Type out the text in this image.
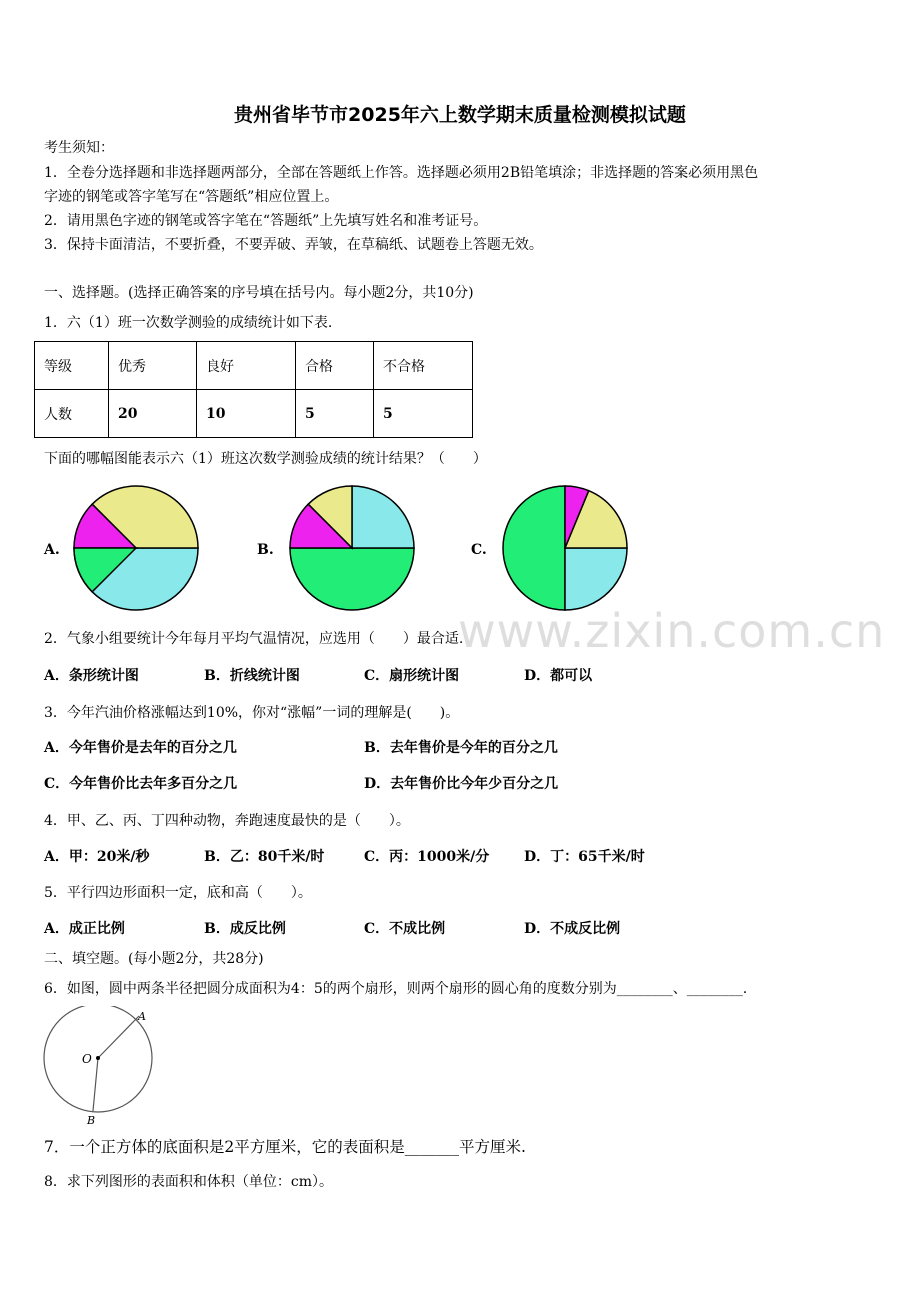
贵州省毕节市2025年六上数学期末质量检测模拟试题
考生须知：
1．全卷分选择题和非选择题两部分，全部在答题纸上作答。选择题必须用2B铅笔填涂；非选择题的答案必须用黑色
字迹的钢笔或答字笔写在“答题纸”相应位置上。
2．请用黑色字迹的钢笔或答字笔在“答题纸”上先填写姓名和准考证号。
3．保持卡面清洁，不要折叠，不要弄破、弄皱，在草稿纸、试题卷上答题无效。
一、选择题。(选择正确答案的序号填在括号内。每小题2分，共10分)
1．六（1）班一次数学测验的成绩统计如下表.
等级	优秀	良好	合格	不合格
人数	20	10	5	5
下面的哪幅图能表示六（1）班这次数学测验成绩的统计结果？（　　）
A.	B.	C.
www.zixin.com.cn
2．气象小组要统计今年每月平均气温情况，应选用（　　）最合适.
A．条形统计图	B．折线统计图	C．扇形统计图	D．都可以
3．今年汽油价格涨幅达到10%，你对“涨幅”一词的理解是(　　)。
A．今年售价是去年的百分之几	B．去年售价是今年的百分之几
C．今年售价比去年多百分之几	D．去年售价比今年少百分之几
4．甲、乙、丙、丁四种动物，奔跑速度最快的是（　　）。
A．甲：20米/秒	B．乙：80千米/时	C．丙：1000米/分 D．丁：65千米/时
5．平行四边形面积一定，底和高（　　）。
A．成正比例	B．成反比例	C．不成比例	D．不成反比例
二、填空题。(每小题2分，共28分)
6．如图，圆中两条半径把圆分成面积为4：5的两个扇形，则两个扇形的圆心角的度数分别为________、________.
O
A
B
7．一个正方体的底面积是2平方厘米，它的表面积是_______平方厘米.
8．求下列图形的表面积和体积（单位：cm）。
